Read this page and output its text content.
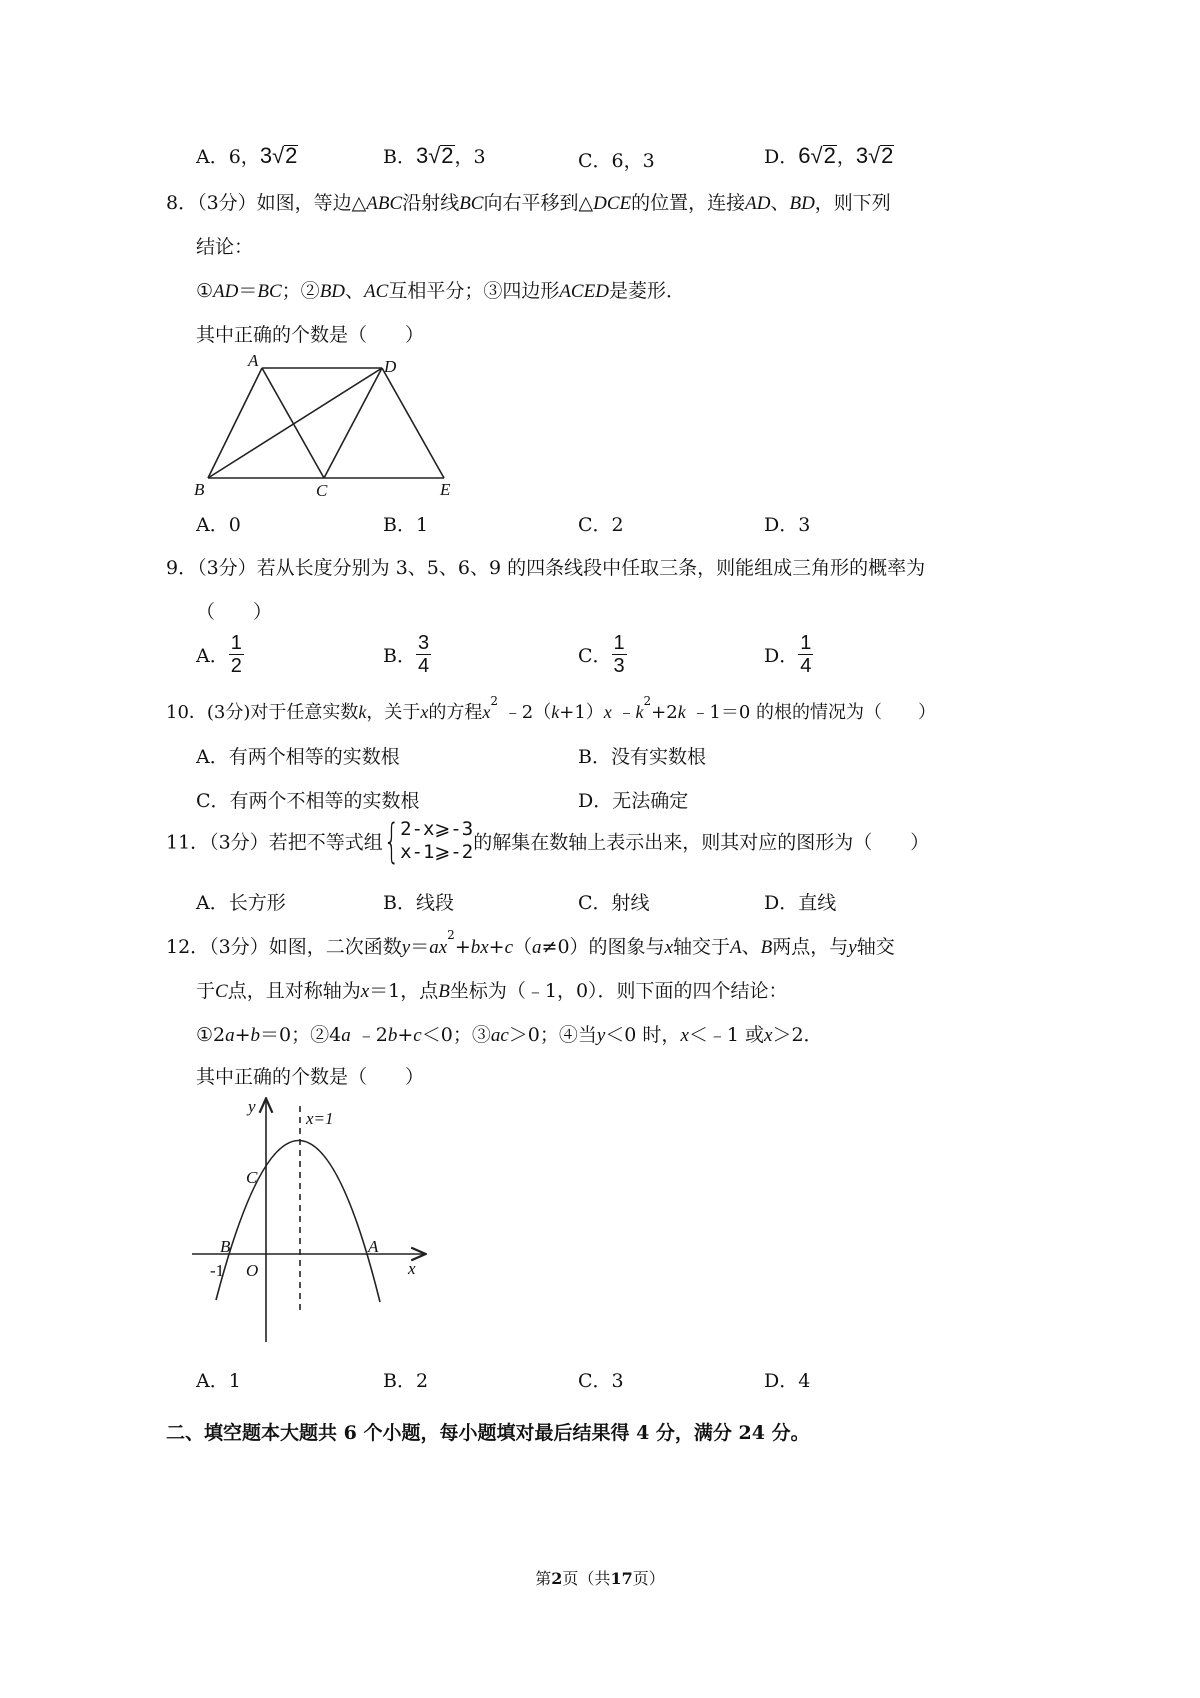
A．6，3√2	B．3√2，3	C．6，3	D．6√2，3√2
8．（3分）如图，等边△ABC沿射线BC向右平移到△DCE的位置，连接AD、BD，则下列
结论：
①AD＝BC；②BD、AC互相平分；③四边形ACED是菱形．
其中正确的个数是（　　）
A	D
B	C	E
A．0	B．1	C．2	D．3
9．（3分）若从长度分别为 3、5、6、9 的四条线段中任取三条，则能组成三角形的概率为
（　　）
A． $\frac{1}{2}$	B． $\frac{3}{4}$	C． $\frac{1}{3}$	D． $\frac{1}{4}$
10．(3分)对于任意实数k，关于x的方程$x^2$ ﹣2（k+1）x $﹣k^2+2k$ ﹣1＝0 的根的情况为（　　）
A．有两个相等的实数根	B．没有实数根
C．有两个不相等的实数根	D．无法确定
11．（3分）若把不等式组{ 2-x⩾-3
x-1⩾-2 的解集在数轴上表示出来，则其对应的图形为（　　）
A．长方形	B．线段	C．射线	D．直线
12．（3分）如图，二次函数$y=ax^2+bx+c(a\ne 0)$的图象与x轴交于A、B两点，与y轴交
于C点，且对称轴为x＝1，点B坐标为（﹣1，0）．则下面的四个结论：
①2a+b＝0；②4a ﹣2b+c＜0；③ac＞0；④当y＜0 时，x＜﹣1 或x＞2．
其中正确的个数是（　　）
y
x=1
C
B	A
-1 O	x
A．1	B．2	C．3	D．4
二、填空题本大题共 6 个小题，每小题填对最后结果得 4 分，满分 24 分。
第2页（共17页）
